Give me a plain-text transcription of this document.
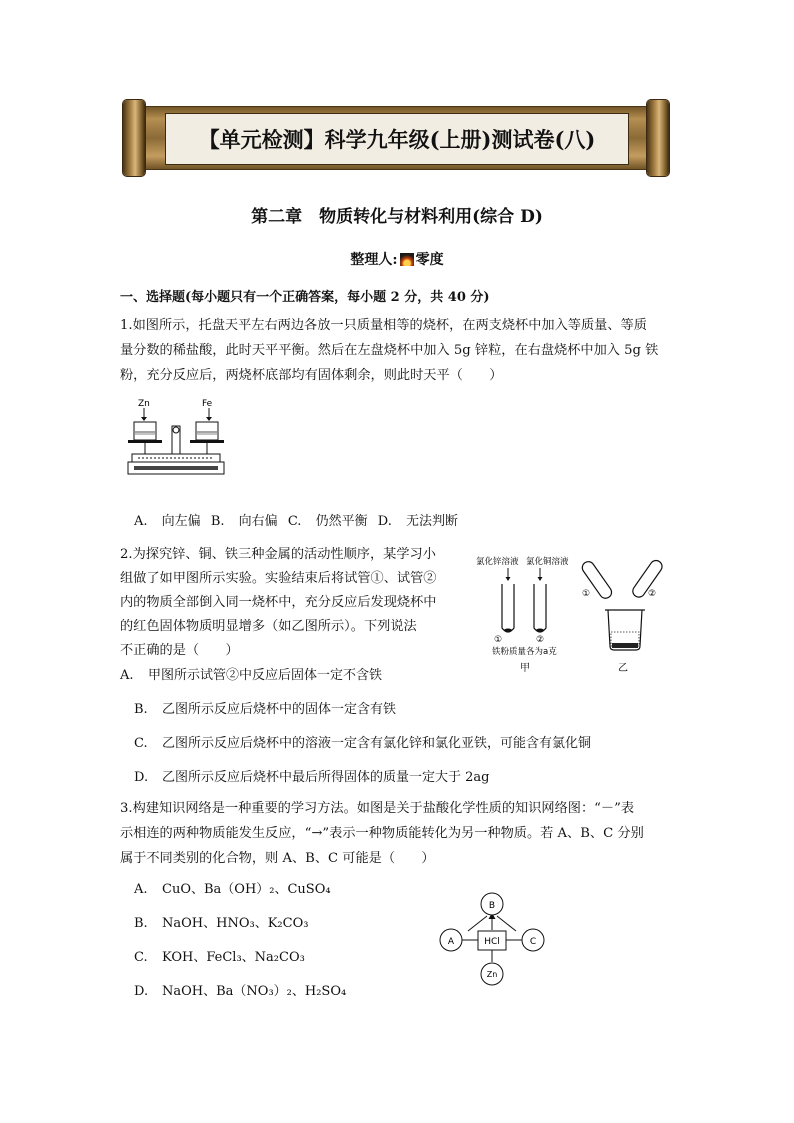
【单元检测】科学九年级(上册)测试卷(八)
第二章　物质转化与材料利用(综合 D)
整理人: 零度
一、选择题(每小题只有一个正确答案，每小题 2 分，共 40 分)
1.如图所示，托盘天平左右两边各放一只质量相等的烧杯，在两支烧杯中加入等质量、等质
量分数的稀盐酸，此时天平平衡。然后在左盘烧杯中加入 5g 锌粒，在右盘烧杯中加入 5g 铁
粉，充分反应后，两烧杯底部均有固体剩余，则此时天平（　　）
Zn	Fe
A. 向左偏 B. 向右偏 C. 仍然平衡 D. 无法判断
2.为探究锌、铜、铁三种金属的活动性顺序，某学习小
组做了如甲图所示实验。实验结束后将试管①、试管②
内的物质全部倒入同一烧杯中，充分反应后发现烧杯中
的红色固体物质明显增多（如乙图所示）。下列说法
不正确的是（　　）
氯化锌溶液 氯化铜溶液
①	②
铁粉质量各为a克
甲
①	②
乙
A. 甲图所示试管②中反应后固体一定不含铁
B. 乙图所示反应后烧杯中的固体一定含有铁
C. 乙图所示反应后烧杯中的溶液一定含有氯化锌和氯化亚铁，可能含有氯化铜
D. 乙图所示反应后烧杯中最后所得固体的质量一定大于 2ag
3.构建知识网络是一种重要的学习方法。如图是关于盐酸化学性质的知识网络图：“－”表
示相连的两种物质能发生反应，“→”表示一种物质能转化为另一种物质。若 A、B、C 分别
属于不同类别的化合物，则 A、B、C 可能是（　　）
A. CuO、Ba（OH）₂、CuSO₄
B. NaOH、HNO₃、K₂CO₃
C. KOH、FeCl₃、Na₂CO₃
D. NaOH、Ba（NO₃）₂、H₂SO₄
B
A	C
HCl
Zn
